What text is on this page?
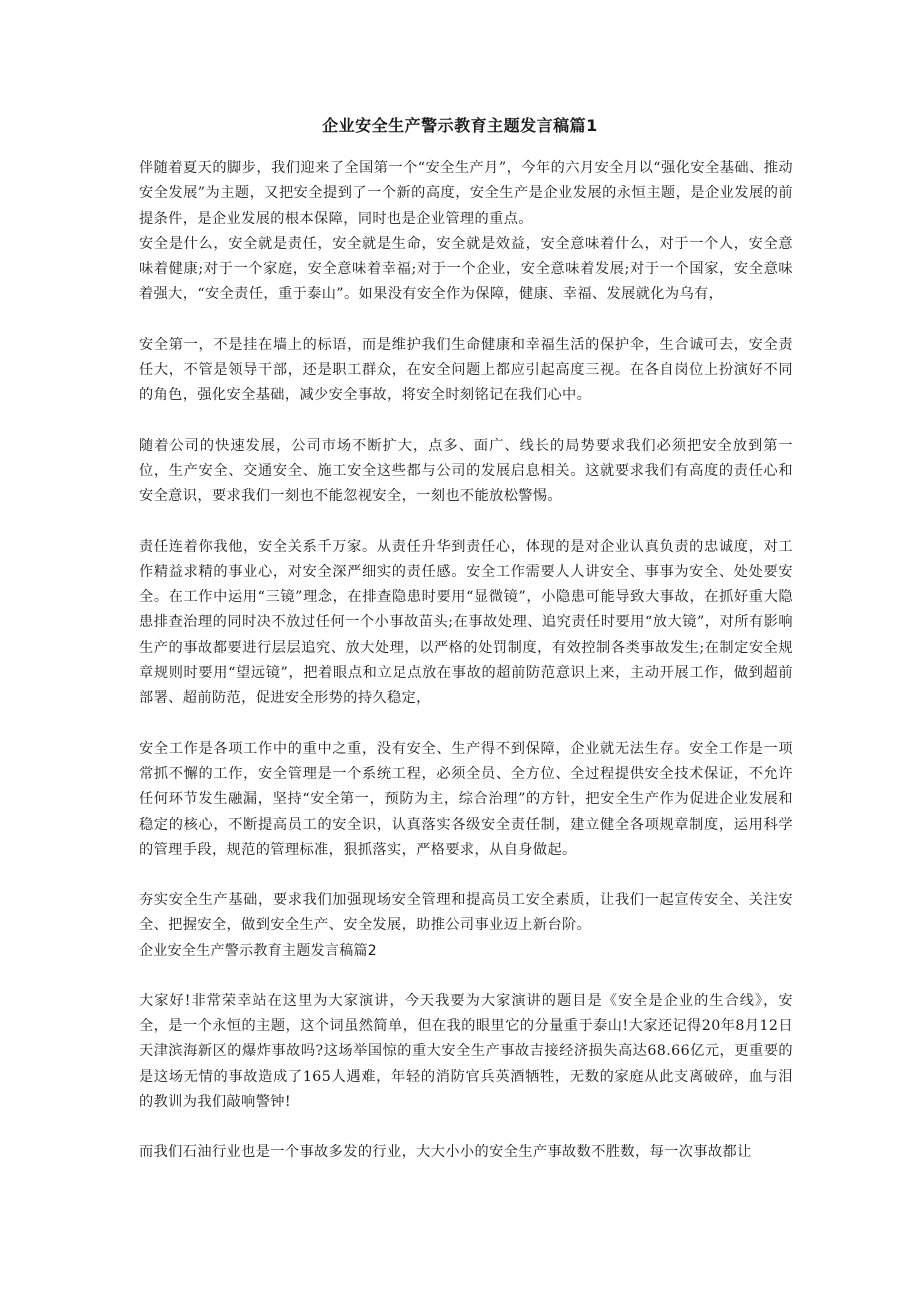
企业安全生产警示教育主题发言稿篇1

伴随着夏天的脚步，我们迎来了全国第一个“安全生产月”，今年的六月安全月以“强化安全基础、推动安全发展”为主题，又把安全提到了一个新的高度，安全生产是企业发展的永恒主题，是企业发展的前提条件，是企业发展的根本保障，同时也是企业管理的重点。

安全是什么，安全就是责任，安全就是生命，安全就是效益，安全意味着什么，对于一个人，安全意味着健康;对于一个家庭，安全意味着幸福;对于一个企业，安全意味着发展;对于一个国家，安全意味着强大，“安全责任，重于泰山”。如果没有安全作为保障，健康、幸福、发展就化为乌有，

安全第一，不是挂在墙上的标语，而是维护我们生命健康和幸福生活的保护伞，生合诚可去，安全责任大，不管是领导干部，还是职工群众，在安全问题上都应引起高度三视。在各自岗位上扮演好不同的角色，强化安全基础，减少安全事故，将安全时刻铭记在我们心中。

随着公司的快速发展，公司市场不断扩大，点多、面广、线长的局势要求我们必须把安全放到第一位，生产安全、交通安全、施工安全这些都与公司的发展启息相关。这就要求我们有高度的责任心和安全意识，要求我们一刻也不能忽视安全，一刻也不能放松警惕。

责任连着你我他，安全关系千万家。从责任升华到责任心，体现的是对企业认真负责的忠诚度，对工作精益求精的事业心，对安全深严细实的责任感。安全工作需要人人讲安全、事事为安全、处处要安全。在工作中运用“三镜”理念，在排查隐患时要用“显微镜”，小隐患可能导致大事故，在抓好重大隐患排查治理的同时决不放过任何一个小事故苗头;在事故处理、追究责任时要用“放大镜”，对所有影响生产的事故都要进行层层追究、放大处理，以严格的处罚制度，有效控制各类事故发生;在制定安全规章规则时要用“望远镜”，把着眼点和立足点放在事故的超前防范意识上来，主动开展工作，做到超前部署、超前防范，促进安全形势的持久稳定，

安全工作是各项工作中的重中之重，没有安全、生产得不到保障，企业就无法生存。安全工作是一项常抓不懈的工作，安全管理是一个系统工程，必须全员、全方位、全过程提供安全技术保证，不允许任何环节发生融漏，坚持“安全第一，预防为主，综合治理”的方针，把安全生产作为促进企业发展和稳定的核心，不断提高员工的安全识，认真落实各级安全责任制，建立健全各项规章制度，运用科学的管理手段，规范的管理标准，狠抓落实，严格要求，从自身做起。

夯实安全生产基础，要求我们加强现场安全管理和提高员工安全素质，让我们一起宣传安全、关注安全、把握安全，做到安全生产、安全发展，助推公司事业迈上新台阶。

企业安全生产警示教育主题发言稿篇2

大家好!非常荣幸站在这里为大家演讲，今天我要为大家演讲的题目是《安全是企业的生合线》，安全，是一个永恒的主题，这个词虽然简单，但在我的眼里它的分量重于泰山!大家还记得20年8月12日天津滨海新区的爆炸事故吗?这场举国惊的重大安全生产事故吉接经济损失高达68.66亿元，更重要的是这场无情的事故造成了165人遇难，年轻的消防官兵英酒牺牲，无数的家庭从此支离破碎，血与泪的教训为我们敲响警钟!

而我们石油行业也是一个事故多发的行业，大大小小的安全生产事故数不胜数，每一次事故都让
